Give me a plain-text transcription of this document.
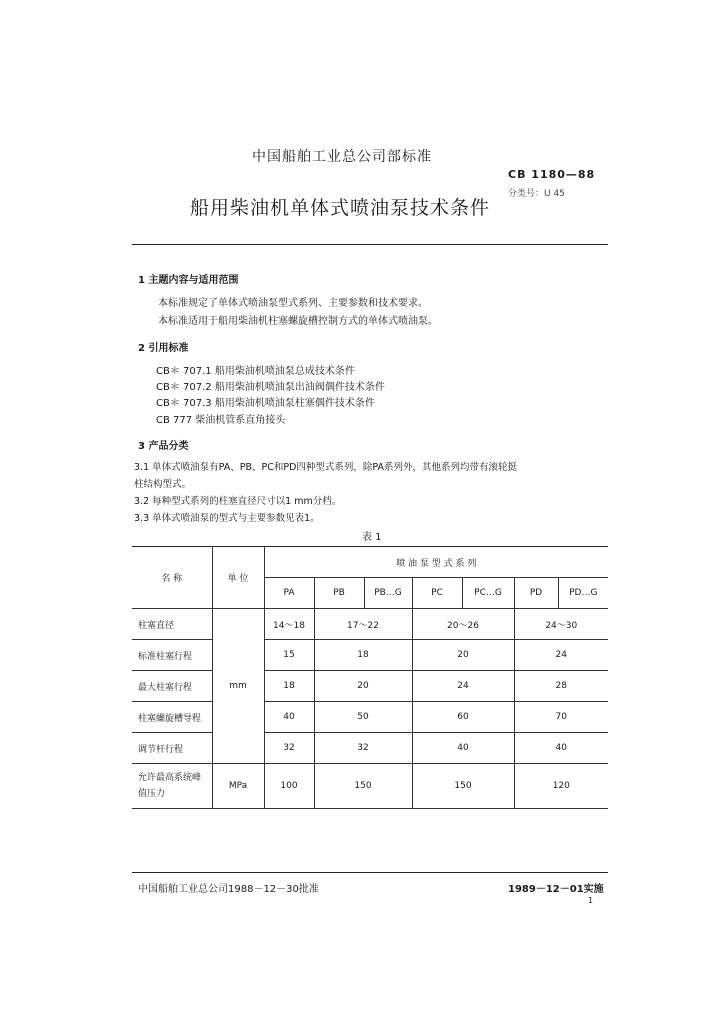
中国船舶工业总公司部标准
CB 1180—88
分类号：U 45
船用柴油机单体式喷油泵技术条件
1 主题内容与适用范围
本标准规定了单体式喷油泵型式系列、主要参数和技术要求。
本标准适用于船用柴油机柱塞螺旋槽控制方式的单体式喷油泵。
2 引用标准
CB＊ 707.1 船用柴油机喷油泵总成技术条件
CB＊ 707.2 船用柴油机喷油泵出油阀偶件技术条件
CB＊ 707.3 船用柴油机喷油泵柱塞偶件技术条件
CB 777 柴油机管系直角接头
3 产品分类
3.1 单体式喷油泵有PA、PB、PC和PD四种型式系列，除PA系列外，其他系列均带有滚轮挺
柱结构型式。
3.2 每种型式系列的柱塞直径尺寸以1 mm分档。
3.3 单体式喷油泵的型式与主要参数见表1。
表 1
名 称	单 位	喷 油 泵 型 式 系 列						
		PA	PB	PB…G	PC	PC…G	PD	PD…G
柱塞直径	mm	14～18	17～22		20～26		24～30	
标准柱塞行程		15	18		20		24	
最大柱塞行程		18	20		24		28	
柱塞螺旋槽导程		40	50		60		70	
调节杆行程		32	32		40		40	

允许最高系统峰
值压力	MPa	100	150		150		120	
中国船舶工业总公司1988－12－30批准	1989－12－01实施
1
